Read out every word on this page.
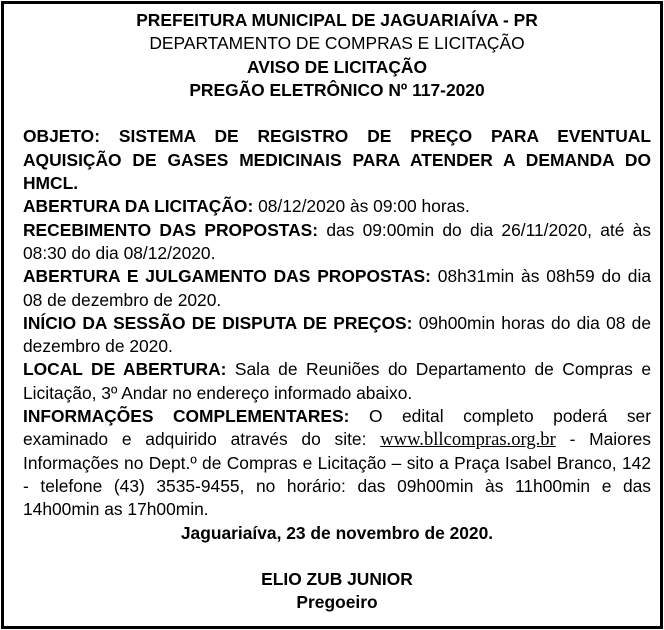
PREFEITURA MUNICIPAL DE JAGUARIAÍVA - PR
DEPARTAMENTO DE COMPRAS E LICITAÇÃO
AVISO DE LICITAÇÃO
PREGÃO ELETRÔNICO Nº 117-2020

OBJETO: SISTEMA DE REGISTRO DE PREÇO PARA EVENTUAL AQUISIÇÃO DE GASES MEDICINAIS PARA ATENDER A DEMANDA DO HMCL.

ABERTURA DA LICITAÇÃO: 08/12/2020 às 09:00 horas.

RECEBIMENTO DAS PROPOSTAS: das 09:00min do dia 26/11/2020, até às 08:30 do dia 08/12/2020.

ABERTURA E JULGAMENTO DAS PROPOSTAS: 08h31min às 08h59 do dia 08 de dezembro de 2020.

INÍCIO DA SESSÃO DE DISPUTA DE PREÇOS: 09h00min horas do dia 08 de dezembro de 2020.

LOCAL DE ABERTURA: Sala de Reuniões do Departamento de Compras e Licitação, 3º Andar no endereço informado abaixo.

INFORMAÇÕES COMPLEMENTARES: O edital completo poderá ser examinado e adquirido através do site: www.bllcompras.org.br - Maiores Informações no Dept.º de Compras e Licitação – sito a Praça Isabel Branco, 142 - telefone (43) 3535-9455, no horário: das 09h00min às 11h00min e das 14h00min as 17h00min.

Jaguariaíva, 23 de novembro de 2020.

ELIO ZUB JUNIOR

Pregoeiro
